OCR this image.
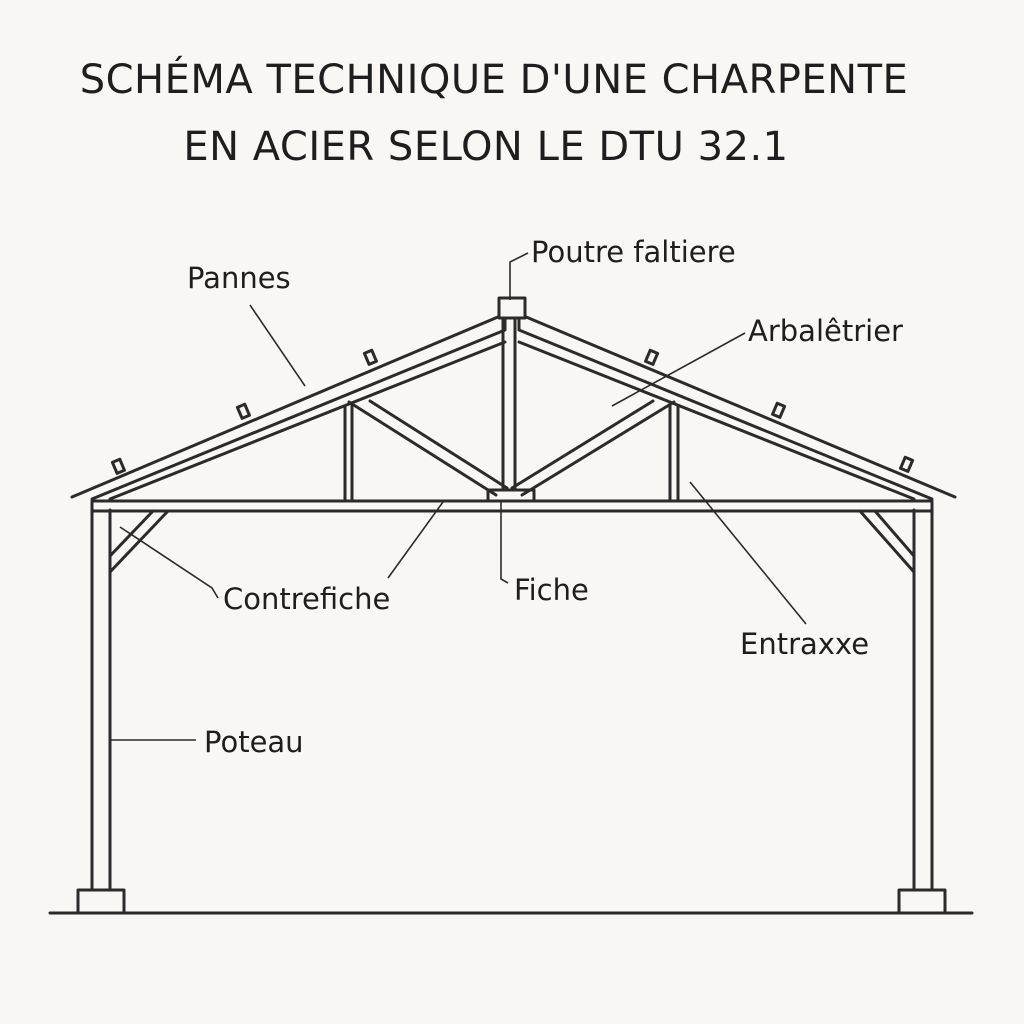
SCHÉMA TECHNIQUE D'UNE CHARPENTE
EN ACIER SELON LE DTU 32.1
Pannes
Poutre faltiere
Arbalêtrier
Contrefiche	Fiche
Entraxxe
Poteau
